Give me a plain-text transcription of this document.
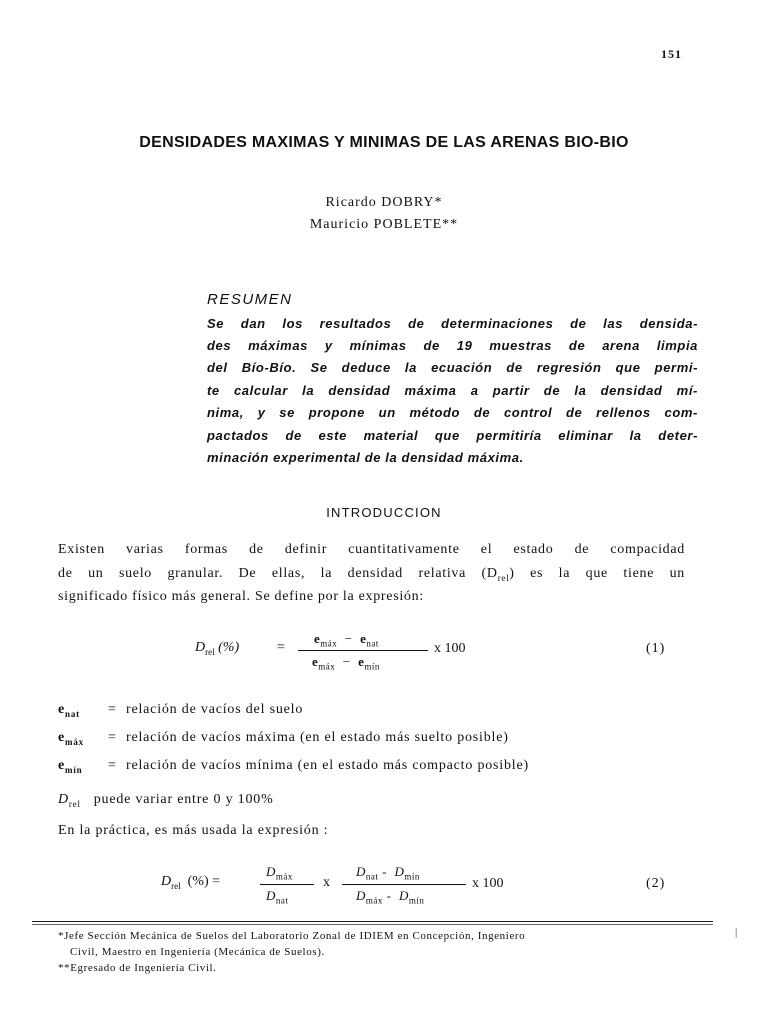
151
DENSIDADES MAXIMAS Y MINIMAS DE LAS ARENAS BIO-BIO
Ricardo DOBRY*
Mauricio POBLETE**
RESUMEN
Se dan los resultados de determinaciones de las densida-
des máximas y mínimas de 19 muestras de arena limpia
del Bío-Bío. Se deduce la ecuación de regresión que permi-
te calcular la densidad máxima a partir de la densidad mí-
nima, y se propone un método de control de rellenos com-
pactados de este material que permitiría eliminar la deter-
minación experimental de la densidad máxima.
INTRODUCCION
Existen varias formas de definir cuantitativamente el estado de compacidad
de un suelo granular. De ellas, la densidad relativa $(D_{rel})$ es la que tiene un
significado físico más general. Se define por la expresión:
$D_{rel}$ (%)	=
$e_{máx} - e_{nat}$
$e_{máx} - e_{mín}$
x 100	(1)
$e_{nat}$ = relación de vacíos del suelo
$e_{máx}$ = relación de vacíos máxima (en el estado más suelto posible)
$e_{mín}$ = relación de vacíos mínima (en el estado más compacto posible)
$D_{rel}$ puede variar entre 0 y 100%
En la práctica, es más usada la expresión :
$D_{rel}$ (%) =
$D_{máx}$
$D_{nat}$
x
$D_{nat} - D_{mín}$
$D_{máx} - D_{mín}$
x 100	(2)
*Jefe Sección Mecánica de Suelos del Laboratorio Zonal de IDIEM en Concepción, Ingeniero
Civil, Maestro en Ingeniería (Mecánica de Suelos).
**Egresado de Ingeniería Civil.
|
